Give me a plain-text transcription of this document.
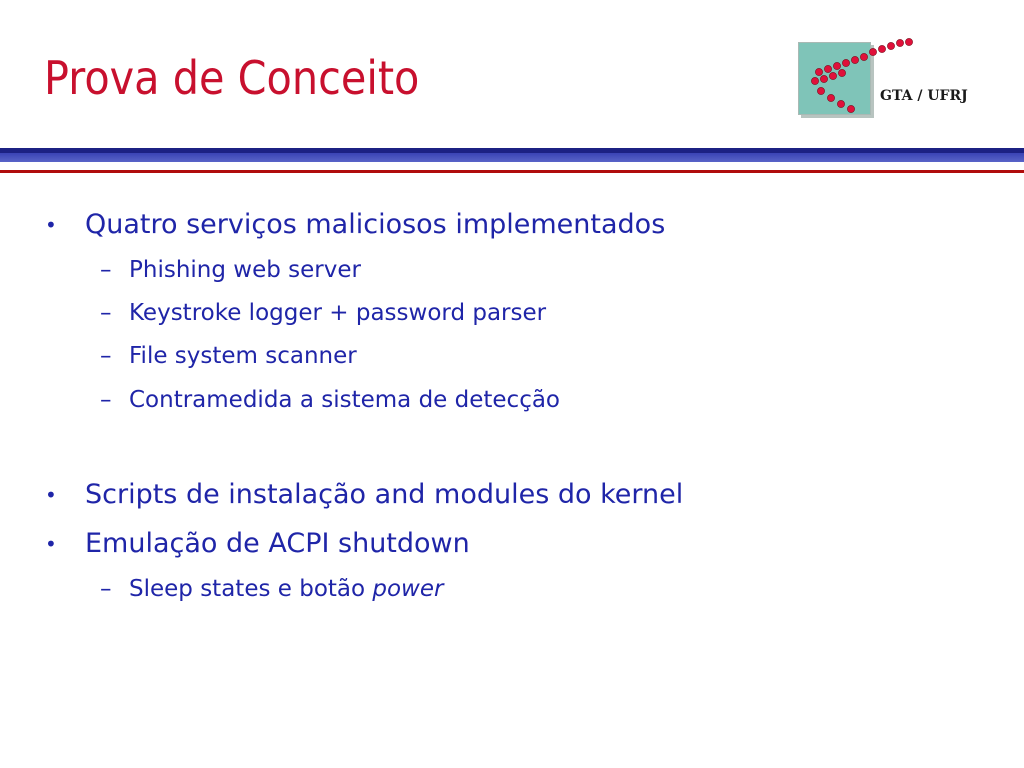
Prova de Conceito	GTA / UFRJ
• Quatro serviços maliciosos implementados
– Phishing web server
– Keystroke logger + password parser
– File system scanner
– Contramedida a sistema de detecção
• Scripts de instalação and modules do kernel
• Emulação de ACPI shutdown
– Sleep states e botão power
